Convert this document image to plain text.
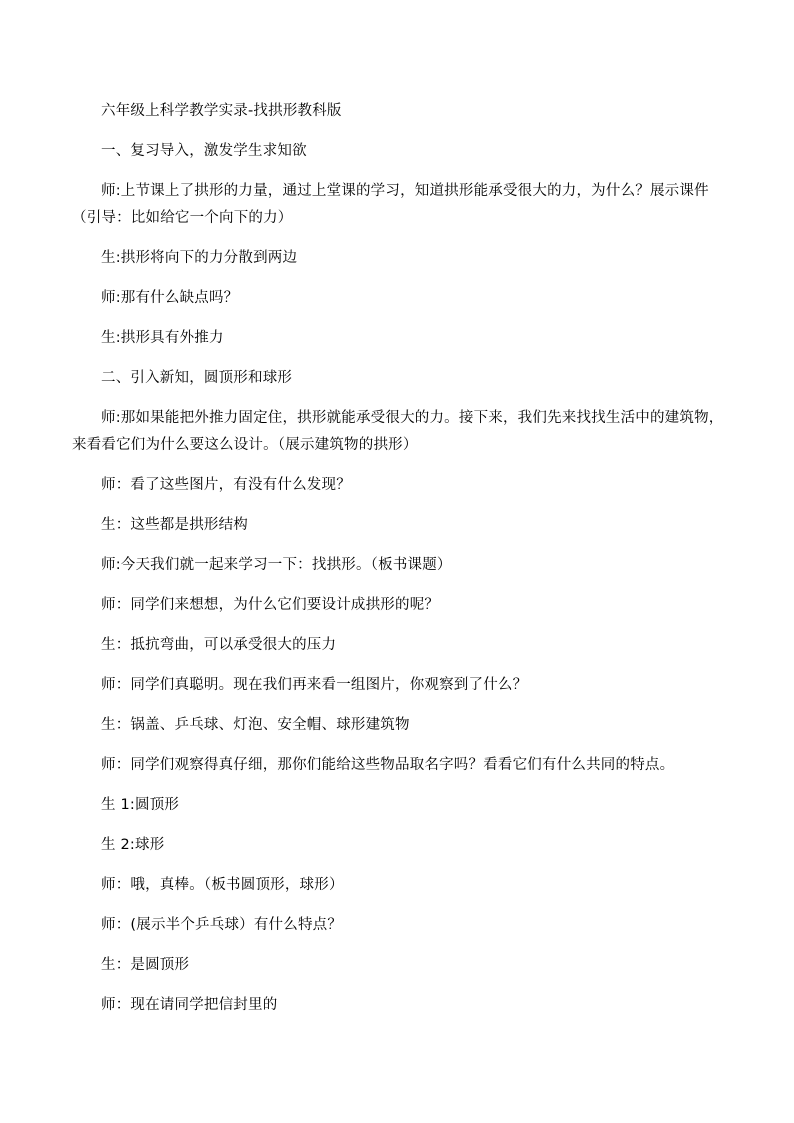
六年级上科学教学实录-找拱形教科版

一、复习导入，激发学生求知欲

师:上节课上了拱形的力量，通过上堂课的学习，知道拱形能承受很大的力，为什么？展示课件（引导：比如给它一个向下的力）

生:拱形将向下的力分散到两边

师:那有什么缺点吗？

生:拱形具有外推力

二、引入新知，圆顶形和球形

师:那如果能把外推力固定住，拱形就能承受很大的力。接下来，我们先来找找生活中的建筑物，来看看它们为什么要这么设计。（展示建筑物的拱形）

师：看了这些图片，有没有什么发现？

生：这些都是拱形结构

师:今天我们就一起来学习一下：找拱形。（板书课题）

师：同学们来想想，为什么它们要设计成拱形的呢？

生：抵抗弯曲，可以承受很大的压力

师：同学们真聪明。现在我们再来看一组图片，你观察到了什么？

生：锅盖、乒乓球、灯泡、安全帽、球形建筑物

师：同学们观察得真仔细，那你们能给这些物品取名字吗？看看它们有什么共同的特点。

生 1:圆顶形

生 2:球形

师：哦，真棒。（板书圆顶形，球形）

师：(展示半个乒乓球）有什么特点？

生：是圆顶形

师：现在请同学把信封里的
